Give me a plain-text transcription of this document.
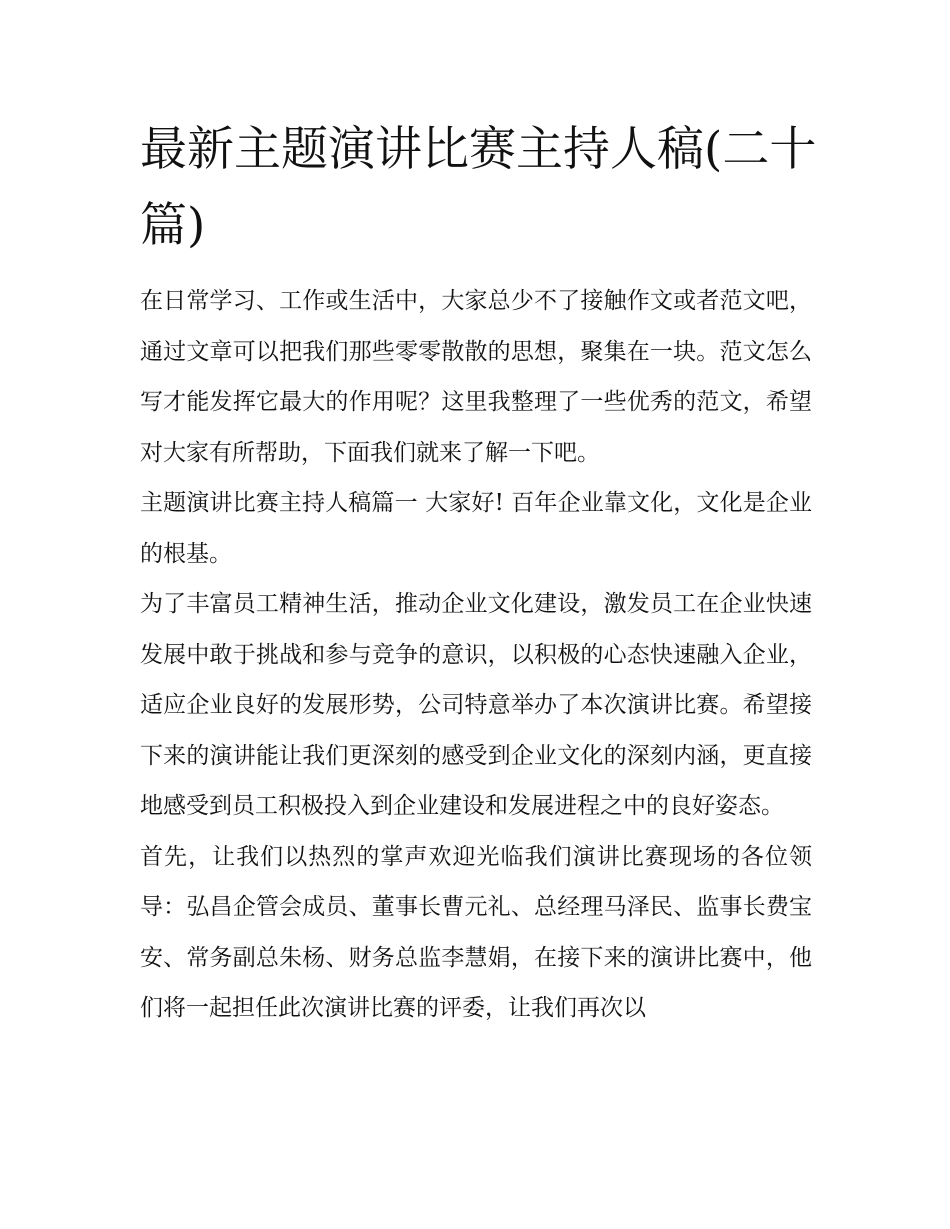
最新主题演讲比赛主持人稿(二十篇)

在日常学习、工作或生活中，大家总少不了接触作文或者范文吧，通过文章可以把我们那些零零散散的思想，聚集在一块。范文怎么写才能发挥它最大的作用呢？这里我整理了一些优秀的范文，希望对大家有所帮助，下面我们就来了解一下吧。

主题演讲比赛主持人稿篇一 大家好! 百年企业靠文化，文化是企业的根基。

为了丰富员工精神生活，推动企业文化建设，激发员工在企业快速发展中敢于挑战和参与竞争的意识，以积极的心态快速融入企业，适应企业良好的发展形势，公司特意举办了本次演讲比赛。希望接下来的演讲能让我们更深刻的感受到企业文化的深刻内涵，更直接地感受到员工积极投入到企业建设和发展进程之中的良好姿态。

首先，让我们以热烈的掌声欢迎光临我们演讲比赛现场的各位领导：弘昌企管会成员、董事长曹元礼、总经理马泽民、监事长费宝安、常务副总朱杨、财务总监李慧娟，在接下来的演讲比赛中，他们将一起担任此次演讲比赛的评委，让我们再次以
